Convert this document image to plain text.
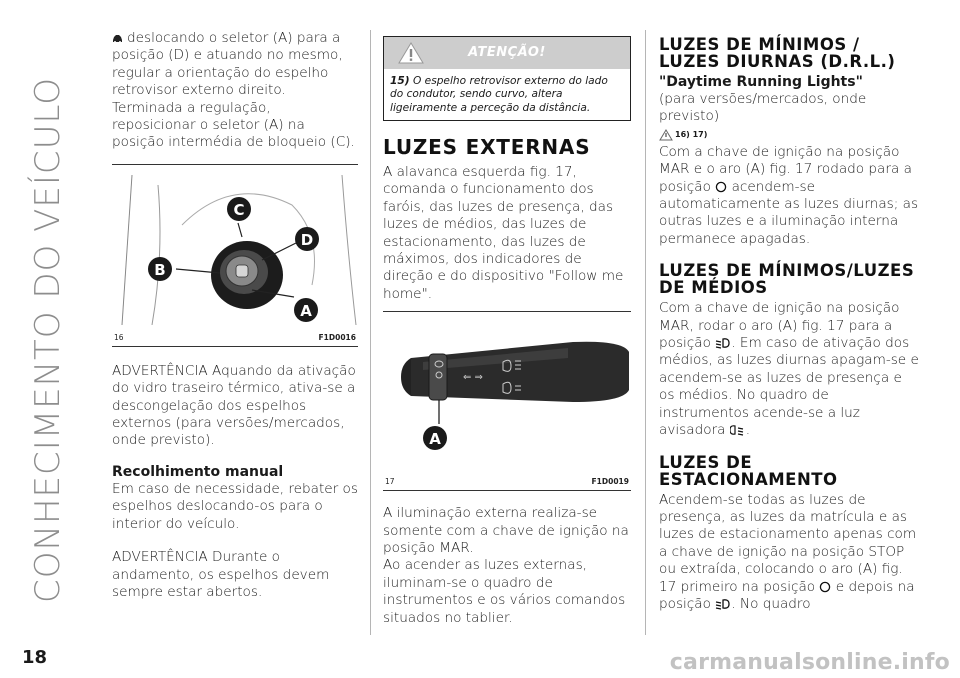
CONHECIMENTO DO VEÍCULO

deslocando o seletor (A) para a posição (D) e atuando no mesmo, regular a orientação do espelho retrovisor externo direito. Terminada a regulação, reposicionar o seletor (A) na posição intermédia de bloqueio (C).

C
D
B
A
16	F1D0016

ADVERTÊNCIA Aquando da ativação do vidro traseiro térmico, ativa-se a descongelação dos espelhos externos (para versões/mercados, onde previsto).

Recolhimento manual

Em caso de necessidade, rebater os espelhos deslocando-os para o interior do veículo.

ADVERTÊNCIA Durante o andamento, os espelhos devem sempre estar abertos.

ATENÇÃO!
15) O espelho retrovisor externo do lado do condutor, sendo curvo, altera ligeiramente a perceção da distância.
LUZES EXTERNAS

A alavanca esquerda fig. 17, comanda o funcionamento dos faróis, das luzes de presença, das luzes de médios, das luzes de estacionamento, das luzes de máximos, dos indicadores de direção e do dispositivo "Follow me home".

⇐ ⇒
A
17	F1D0019

A iluminação externa realiza-se somente com a chave de ignição na posição MAR.

Ao acender as luzes externas, iluminam-se o quadro de instrumentos e os vários comandos situados no tablier.

LUZES DE MÍNIMOS / LUZES DIURNAS (D.R.L.)
"Daytime Running Lights"

(para versões/mercados, onde previsto)

16) 17)

Com a chave de ignição na posição MAR e o aro (A) fig. 17 rodado para a posição acendem-se automaticamente as luzes diurnas; as outras luzes e a iluminação interna permanece apagadas.

LUZES DE MÍNIMOS/LUZES DE MÉDIOS

Com a chave de ignição na posição MAR, rodar o aro (A) fig. 17 para a posição . Em caso de ativação dos médios, as luzes diurnas apagam-se e acendem-se as luzes de presença e os médios. No quadro de instrumentos acende-se a luz avisadora .

LUZES DE ESTACIONAMENTO

Acendem-se todas as luzes de presença, as luzes da matrícula e as luzes de estacionamento apenas com a chave de ignição na posição STOP ou extraída, colocando o aro (A) fig. 17 primeiro na posição e depois na posição . No quadro

18	carmanualsonline.info
